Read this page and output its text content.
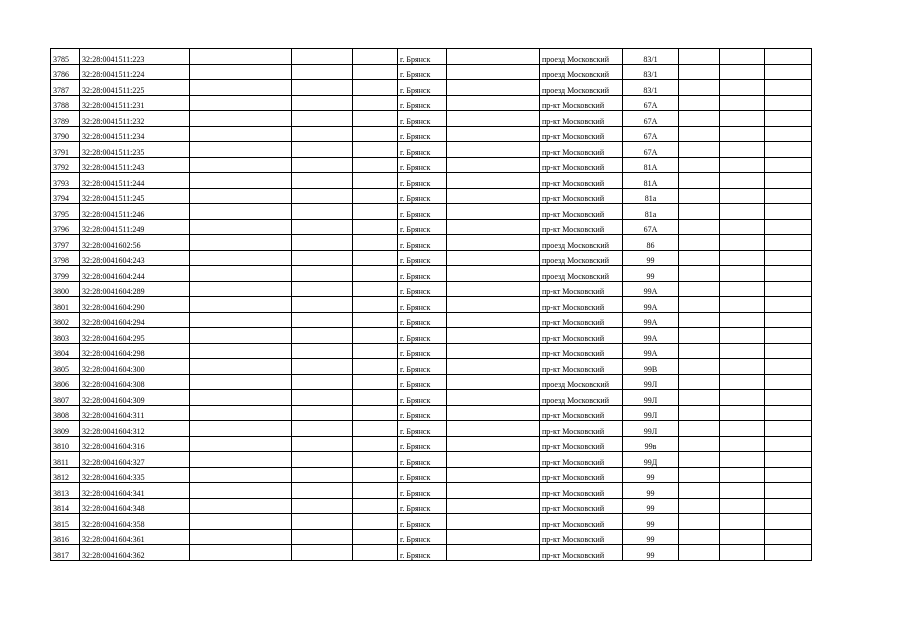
3785	32:28:0041511:223				г. Брянск		проезд Московский	83/1			
3786	32:28:0041511:224				г. Брянск		проезд Московский	83/1			
3787	32:28:0041511:225				г. Брянск		проезд Московский	83/1			
3788	32:28:0041511:231				г. Брянск		пр-кт Московский	67А			
3789	32:28:0041511:232				г. Брянск		пр-кт Московский	67А			
3790	32:28:0041511:234				г. Брянск		пр-кт Московский	67А			
3791	32:28:0041511:235				г. Брянск		пр-кт Московский	67А			
3792	32:28:0041511:243				г. Брянск		пр-кт Московский	81А			
3793	32:28:0041511:244				г. Брянск		пр-кт Московский	81А			
3794	32:28:0041511:245				г. Брянск		пр-кт Московский	81а			
3795	32:28:0041511:246				г. Брянск		пр-кт Московский	81а			
3796	32:28:0041511:249				г. Брянск		пр-кт Московский	67А			
3797	32:28:0041602:56				г. Брянск		проезд Московский	86			
3798	32:28:0041604:243				г. Брянск		проезд Московский	99			
3799	32:28:0041604:244				г. Брянск		проезд Московский	99			
3800	32:28:0041604:289				г. Брянск		пр-кт Московский	99А			
3801	32:28:0041604:290				г. Брянск		пр-кт Московский	99А			
3802	32:28:0041604:294				г. Брянск		пр-кт Московский	99А			
3803	32:28:0041604:295				г. Брянск		пр-кт Московский	99А			
3804	32:28:0041604:298				г. Брянск		пр-кт Московский	99А			
3805	32:28:0041604:300				г. Брянск		пр-кт Московский	99В			
3806	32:28:0041604:308				г. Брянск		проезд Московский	99Л			
3807	32:28:0041604:309				г. Брянск		проезд Московский	99Л			
3808	32:28:0041604:311				г. Брянск		пр-кт Московский	99Л			
3809	32:28:0041604:312				г. Брянск		пр-кт Московский	99Л			
3810	32:28:0041604:316				г. Брянск		пр-кт Московский	99в			
3811	32:28:0041604:327				г. Брянск		пр-кт Московский	99Д			
3812	32:28:0041604:335				г. Брянск		пр-кт Московский	99			
3813	32:28:0041604:341				г. Брянск		пр-кт Московский	99			
3814	32:28:0041604:348				г. Брянск		пр-кт Московский	99			
3815	32:28:0041604:358				г. Брянск		пр-кт Московский	99			
3816	32:28:0041604:361				г. Брянск		пр-кт Московский	99			
3817	32:28:0041604:362				г. Брянск		пр-кт Московский	99			
